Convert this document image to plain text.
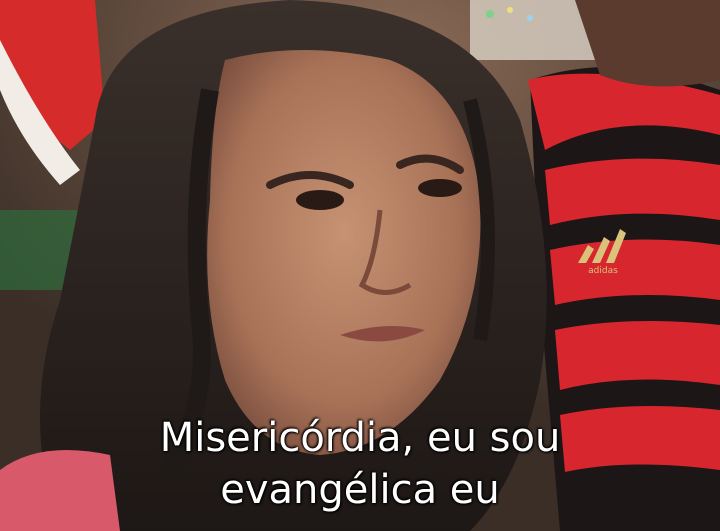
adidas
Misericórdia, eu sou
evangélica eu
